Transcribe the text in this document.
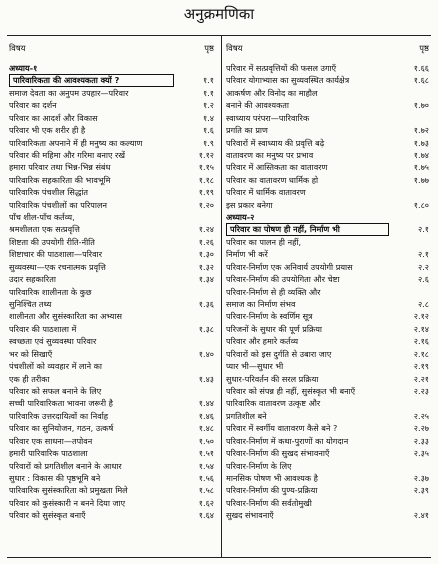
अनुक्रमणिका
विषय	पृष्ठ
अध्याय-१
पारिवारिकता की आवश्यकता क्यों ?	१.१
समाज देवता का अनुपम उपहार—परिवार	१.१
परिवार का दर्शन	१.२
परिवार का आदर्श और विकास	१.४
परिवार भी एक शरीर ही है	१.६
पारिवारिकता अपनाने में ही मनुष्य का कल्याण	१.९
परिवार की महिमा और गरिमा बनाए रखें	१.१२
हमारा परिवार तथा भिन्न-भिन्न संबंध	१.१५
पारिवारिक सहकारिता की भावभूमि	१.१८
पारिवारिक पंचशील सिद्धांत	१.१९
पारिवारिक पंचशीलों का परिपालन	१.२०
पाँच शील-पाँच कर्तव्य,
श्रमशीलता एक सत्प्रवृत्ति	१.२४
शिष्टता की उपयोगी रीति-नीति	१.२६
शिष्टाचार की पाठशाला—परिवार	१.३०
सुव्यवस्था—एक रचनात्मक प्रवृत्ति	१.३२
उदार सहकारिता	१.३४
पारिवारिक शालीनता के कुछ
सुनिश्चित तथ्य	१.३६
शालीनता और सुसंस्कारिता का अभ्यास
परिवार की पाठशाला में	१.३८
स्वच्छता एवं सुव्यवस्था परिवार
भर को सिखाएँ	१.४०
पंचशीलों को व्यवहार में लाने का
एक ही तरीका	१.४३
परिवार को सफल बनाने के लिए
सच्ची पारिवारिकता भावना जरूरी है	१.४४
पारिवारिक उत्तरदायित्वों का निर्वाह	१.४६
परिवार का सुनियोजन, गठन, उत्कर्ष	१.४८
परिवार एक साधना—तपोवन	१.५०
हमारी पारिवारिक पाठशाला	१.५१
परिवारों को प्रगतिशील बनाने के आधार	१.५४
सुधार : विकास की पृष्ठभूमि बने	१.५६
पारिवारिक सुसंस्कारिता को प्रमुखता मिले	१.५८
परिवार को कुसंस्कारी न बनने दिया जाए	१.६२
परिवार को सुसंस्कृत बनाएँ	१.६४
विषय	पृष्ठ
परिवार में सत्प्रवृत्तियों की फसल उगाएँ	१.६६
परिवार योगाभ्यास का सुव्यवस्थित कार्यक्षेत्र	१.६८
आकर्षण और विनोद का माहौल
बनाने की आवश्यकता	१.७०
स्वाध्याय परंपरा—पारिवारिक
प्रगति का प्राण	१.७२
परिवारों में स्वाध्याय की प्रवृत्ति बढ़े	१.७३
वातावरण का मनुष्य पर प्रभाव	१.७४
परिवार में आस्तिकता का वातावरण	१.७५
परिवार का वातावरण धार्मिक हो	१.७७
परिवार में धार्मिक वातावरण
इस प्रकार बनेगा	१.८०
अध्याय-२
परिवार का पोषण ही नहीं, निर्माण भी	२.१
परिवार का पालन ही नहीं,
निर्माण भी करें	२.१
परिवार-निर्माण एक अनिवार्य उपयोगी प्रयास	२.२
परिवार-निर्माण की उपयोगिता और चेष्टा	२.६
परिवार-निर्माण से ही व्यक्ति और
समाज का निर्माण संभव	२.८
परिवार-निर्माण के स्वर्णिम सूत्र	२.१२
परिजनों के सुधार की पूर्ण प्रक्रिया	२.१४
परिवार और हमारे कर्तव्य	२.१६
परिवारों को इस दुर्गति से उबारा जाए	२.१८
प्यार भी—सुधार भी	२.१९
सुधार-परिवर्तन की सरल प्रक्रिया	२.२१
परिवार को संपन्न ही नहीं, सुसंस्कृत भी बनाएँ	२.२३
पारिवारिक वातावरण उत्कृष्ट और
प्रगतिशील बने	२.२५
परिवार में स्वर्गीय वातावरण कैसे बने ?	२.२७
परिवार-निर्माण में कथा-पुराणों का योगदान	२.३३
परिवार-निर्माण की सुखद संभावनाएँ	२.३५
परिवार-निर्माण के लिए
मानसिक पोषण भी आवश्यक है	२.३७
परिवार-निर्माण की पुण्य-प्रक्रिया	२.३९
परिवार-निर्माण की सर्वतोमुखी
सुखद संभावनाएँ	२.४१
